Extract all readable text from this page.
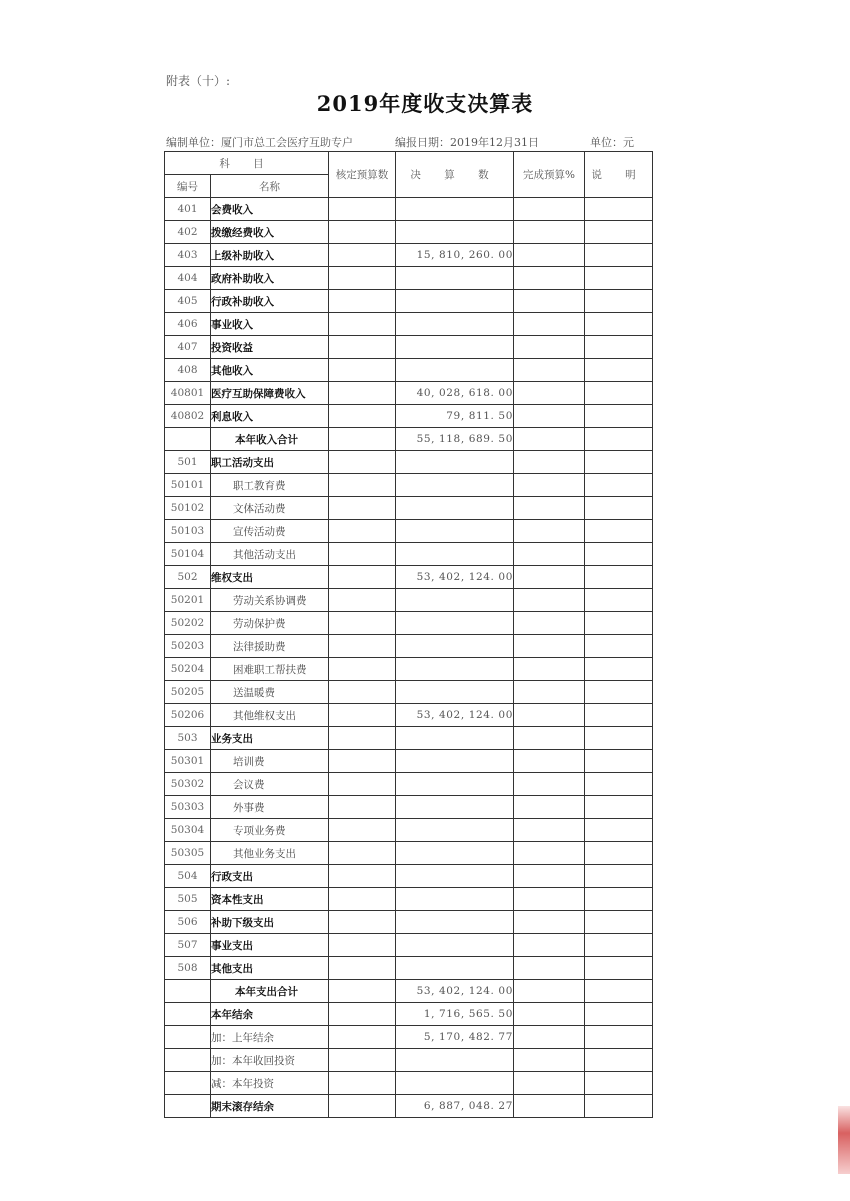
附表（十）:
2019年度收支决算表
编制单位：厦门市总工会医疗互助专户	编报日期：2019年12月31日	单位：元
科 目		核定预算数	决 算 数	完成预算%	说 明
编号	名称				
401	会费收入				
402	拨缴经费收入				
403	上级补助收入		15, 810, 260. 00		
404	政府补助收入				
405	行政补助收入				
406	事业收入				
407	投资收益				
408	其他收入				
40801	医疗互助保障费收入		40, 028, 618. 00		
40802	利息收入		79, 811. 50		
	本年收入合计		55, 118, 689. 50		
501	职工活动支出				
50101	职工教育费				
50102	文体活动费				
50103	宣传活动费				
50104	其他活动支出				
502	维权支出		53, 402, 124. 00		
50201	劳动关系协调费				
50202	劳动保护费				
50203	法律援助费				
50204	困难职工帮扶费				
50205	送温暖费				
50206	其他维权支出		53, 402, 124. 00		
503	业务支出				
50301	培训费				
50302	会议费				
50303	外事费				
50304	专项业务费				
50305	其他业务支出				
504	行政支出				
505	资本性支出				
506	补助下级支出				
507	事业支出				
508	其他支出				
	本年支出合计		53, 402, 124. 00		
	本年结余		1, 716, 565. 50		
	加：上年结余		5, 170, 482. 77		
	加：本年收回投资				
	减：本年投资				
	期末滚存结余		6, 887, 048. 27		
